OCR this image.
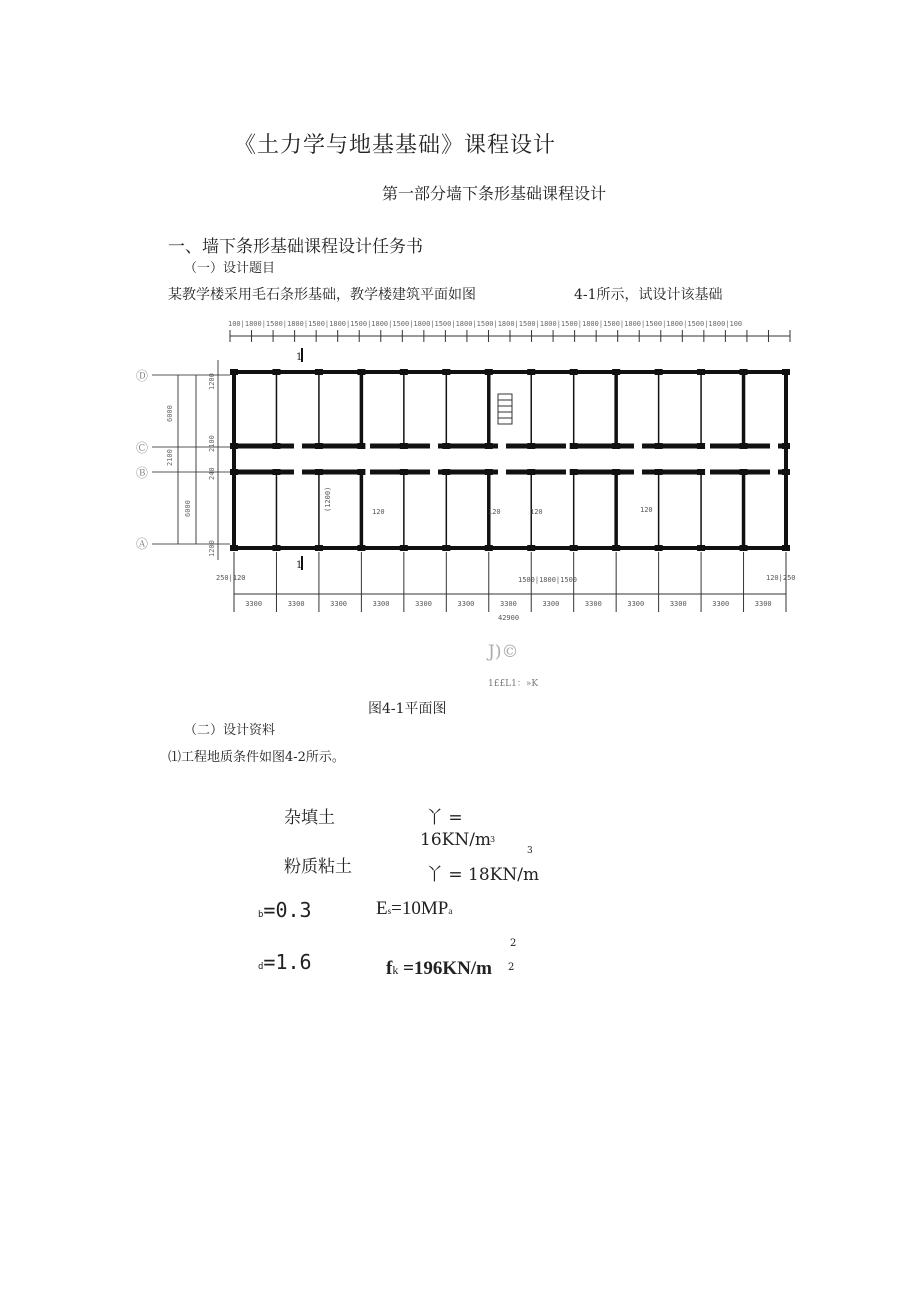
《土力学与地基基础》课程设计
第一部分墙下条形基础课程设计
一、墙下条形基础课程设计任务书
（一）设计题目
某教学楼采用毛石条形基础，教学楼建筑平面如图	4-1所示，试设计该基础
100|1800|1500|1800|1500|1800|1500|1800|1500|1800|1500|1800|1500|1800|1500|1800|1500|1800|1500|1800|1500|1800|1500|1800|100
1
1
Ⓓ
Ⓒ
Ⓑ
Ⓐ
6000
2100
6000
1200
2100
240
1200
120	120	120	120
(1200)
1500|1800|1500
250|120	120|250
3300	3300	3300	3300	3300	3300	3300	3300	3300	3300	3300	3300	3300
42900
J)©
1££L1：»K
图4-1平面图
（二）设计资料
⑴工程地质条件如图4-2所示。
杂填土	丫 =
16KN/m
3
粉质粘土	丫 = 18KN/m
3
b=0.3	Es=10MPa
d=1.6
2
fk =196KN/m 2
